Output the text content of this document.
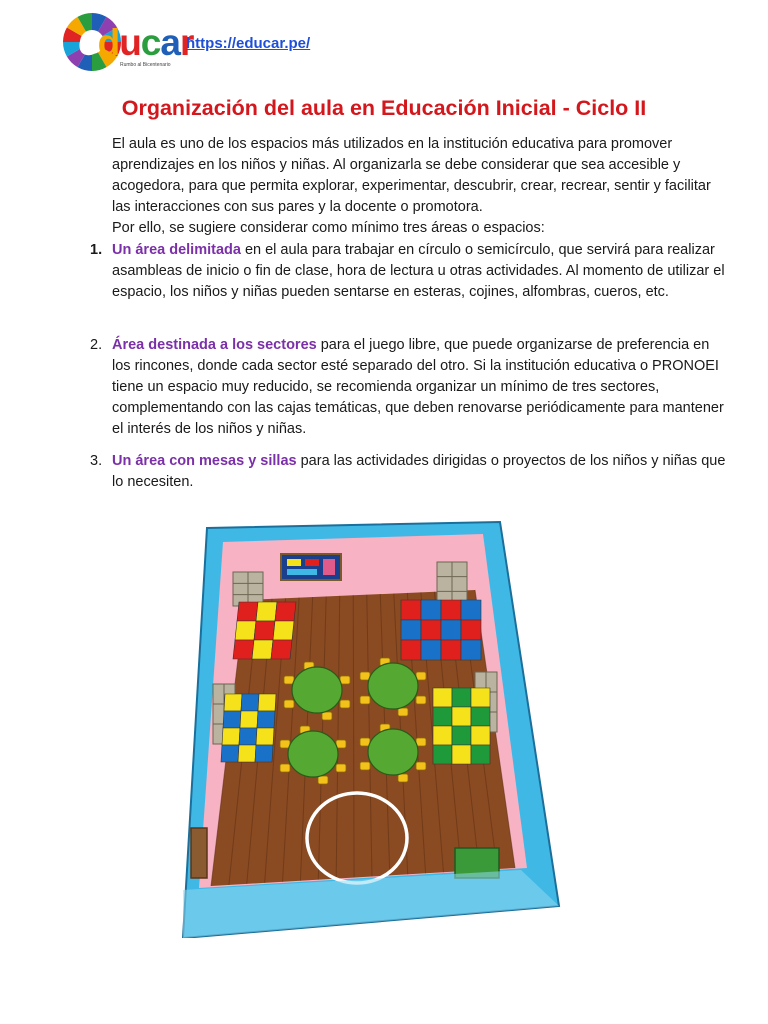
educar
Rumbo al Bicentenario
https://educar.pe/
Organización del aula en Educación Inicial - Ciclo II

El aula es uno de los espacios más utilizados en la institución educativa para promover aprendizajes en los niños y niñas. Al organizarla se debe considerar que sea accesible y acogedora, para que permita explorar, experimentar, descubrir, crear, recrear, sentir y facilitar las interacciones con sus pares y la docente o promotora.

Por ello, se sugiere considerar como mínimo tres áreas o espacios:

1. Un área delimitada en el aula para trabajar en círculo o semicírculo, que servirá para realizar asambleas de inicio o fin de clase, hora de lectura u otras actividades. Al momento de utilizar el espacio, los niños y niñas pueden sentarse en esteras, cojines, alfombras, cueros, etc.
2. Área destinada a los sectores para el juego libre, que puede organizarse de preferencia en los rincones, donde cada sector esté separado del otro. Si la institución educativa o PRONOEI tiene un espacio muy reducido, se recomienda organizar un mínimo de tres sectores, complementando con las cajas temáticas, que deben renovarse periódicamente para mantener el interés de los niños y niñas.
3. Un área con mesas y sillas para las actividades dirigidas o proyectos de los niños y niñas que lo necesiten.
